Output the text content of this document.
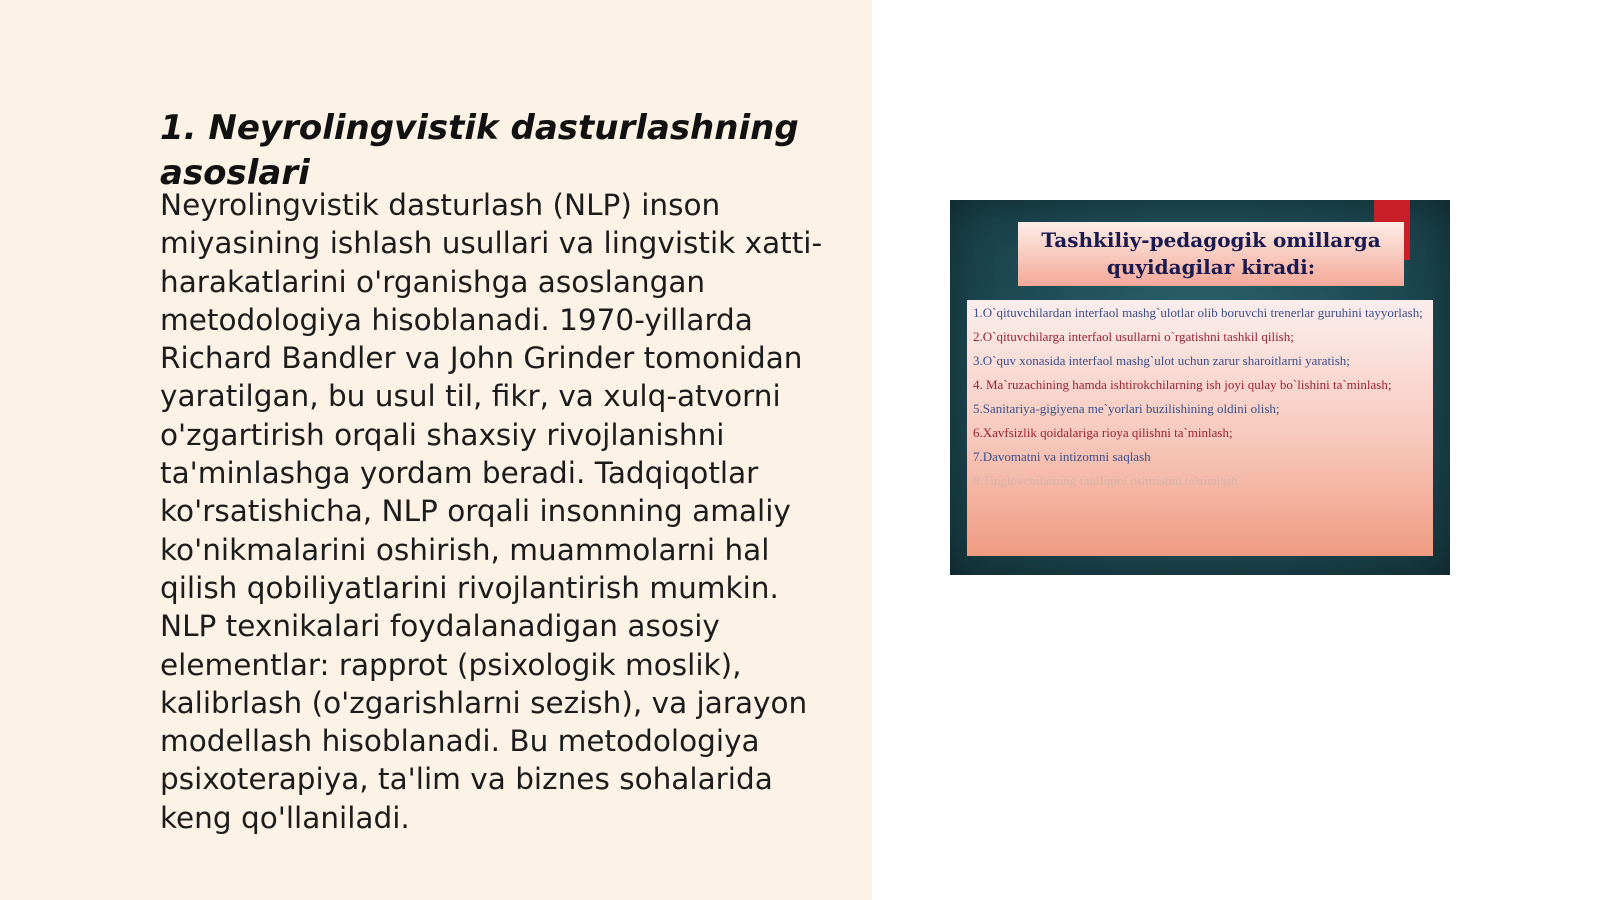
1. Neyrolingvistik dasturlashning asoslari

Neyrolingvistik dasturlash (NLP) inson miyasining ishlash usullari va lingvistik xatti-harakatlarini o'rganishga asoslangan metodologiya hisoblanadi. 1970-yillarda Richard Bandler va John Grinder tomonidan yaratilgan, bu usul til, fikr, va xulq-atvorni o'zgartirish orqali shaxsiy rivojlanishni ta'minlashga yordam beradi. Tadqiqotlar ko'rsatishicha, NLP orqali insonning amaliy ko'nikmalarini oshirish, muammolarni hal qilish qobiliyatlarini rivojlantirish mumkin. NLP texnikalari foydalanadigan asosiy elementlar: rapprot (psixologik moslik), kalibrlash (o'zgarishlarni sezish), va jarayon modellash hisoblanadi. Bu metodologiya psixoterapiya, ta'lim va biznes sohalarida keng qo'llaniladi.

Tashkiliy-pedagogik omillarga quyidagilar kiradi:
1.O`qituvchilardan interfaol mashg`ulotlar olib boruvchi trenerlar guruhini tayyorlash;
2.O`qituvchilarga interfaol usullarni o`rgatishni tashkil qilish;
3.O`quv xonasida interfaol mashg`ulot uchun zarur sharoitlarni yaratish;
4. Ma`ruzachining hamda ishtirokchilarning ish joyi qulay bo`lishini ta`minlash;
5.Sanitariya-gigiyena me`yorlari buzilishining oldini olish;
6.Xavfsizlik qoidalariga rioya qilishni ta`minlash;
7.Davomatni va intizomni saqlash
8.Tinglovchilarning faolligini oshirishni ta'minlash.
